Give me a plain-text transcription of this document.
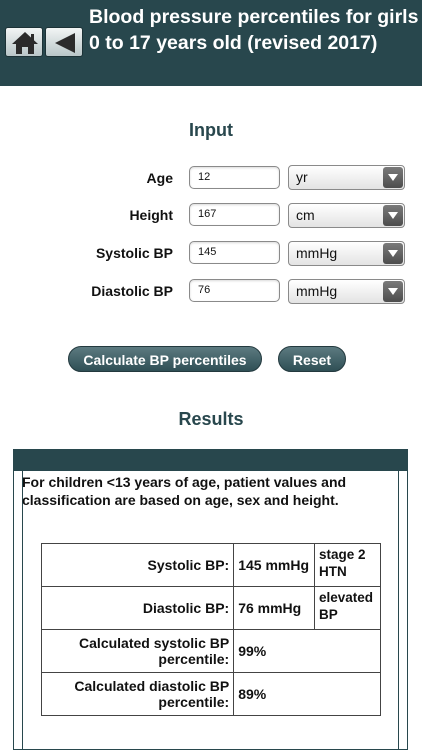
Blood pressure percentiles for girls 0 to 17 years old (revised 2017)
Input
Age	12	yr
Height	167	cm
Systolic BP	145	mmHg
Diastolic BP	76	mmHg
Calculate BP percentiles	Reset
Results
For children <13 years of age, patient values and classification are based on age, sex and height.
Systolic BP:	145 mmHg	stage 2 HTN
Diastolic BP:	76 mmHg	elevated BP
Calculated systolic BP percentile:	99%	
Calculated diastolic BP percentile:	89%	
